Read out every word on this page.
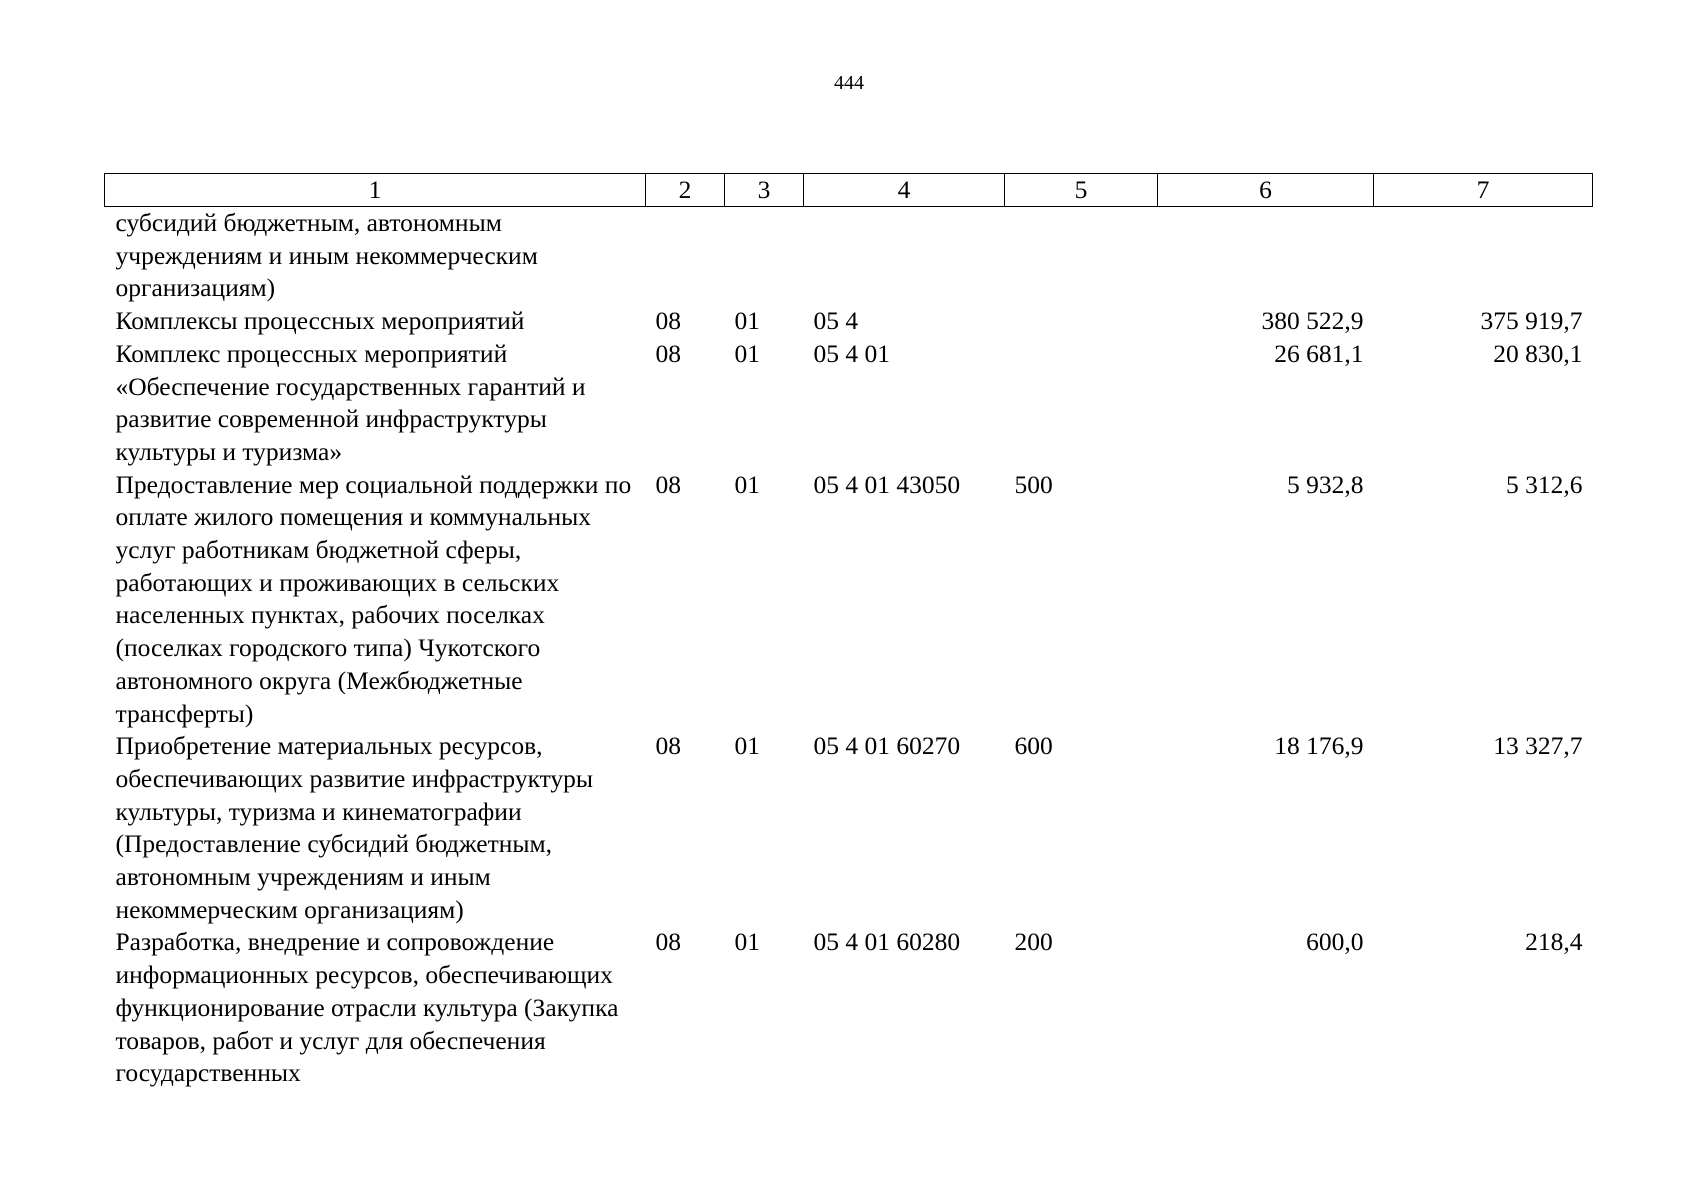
444
1	2	3	4	5	6	7
субсидий бюджетным, автономным учреждениям и иным некоммерческим организациям)						
Комплексы процессных мероприятий	08	01	05 4		380 522,9	375 919,7
Комплекс процессных мероприятий «Обеспечение государственных гарантий и развитие современной инфраструктуры культуры и туризма»	08	01	05 4 01		26 681,1	20 830,1
Предоставление мер социальной поддержки по оплате жилого помещения и коммунальных услуг работникам бюджетной сферы, работающих и проживающих в сельских населенных пунктах, рабочих поселках (поселках городского типа) Чукотского автономного округа (Межбюджетные трансферты)	08	01	05 4 01 43050	500	5 932,8	5 312,6
Приобретение материальных ресурсов, обеспечивающих развитие инфраструктуры культуры, туризма и кинематографии (Предоставление субсидий бюджетным, автономным учреждениям и иным некоммерческим организациям)	08	01	05 4 01 60270	600	18 176,9	13 327,7
Разработка, внедрение и сопровождение информационных ресурсов, обеспечивающих функционирование отрасли культура (Закупка товаров, работ и услуг для обеспечения государственных	08	01	05 4 01 60280	200	600,0	218,4
